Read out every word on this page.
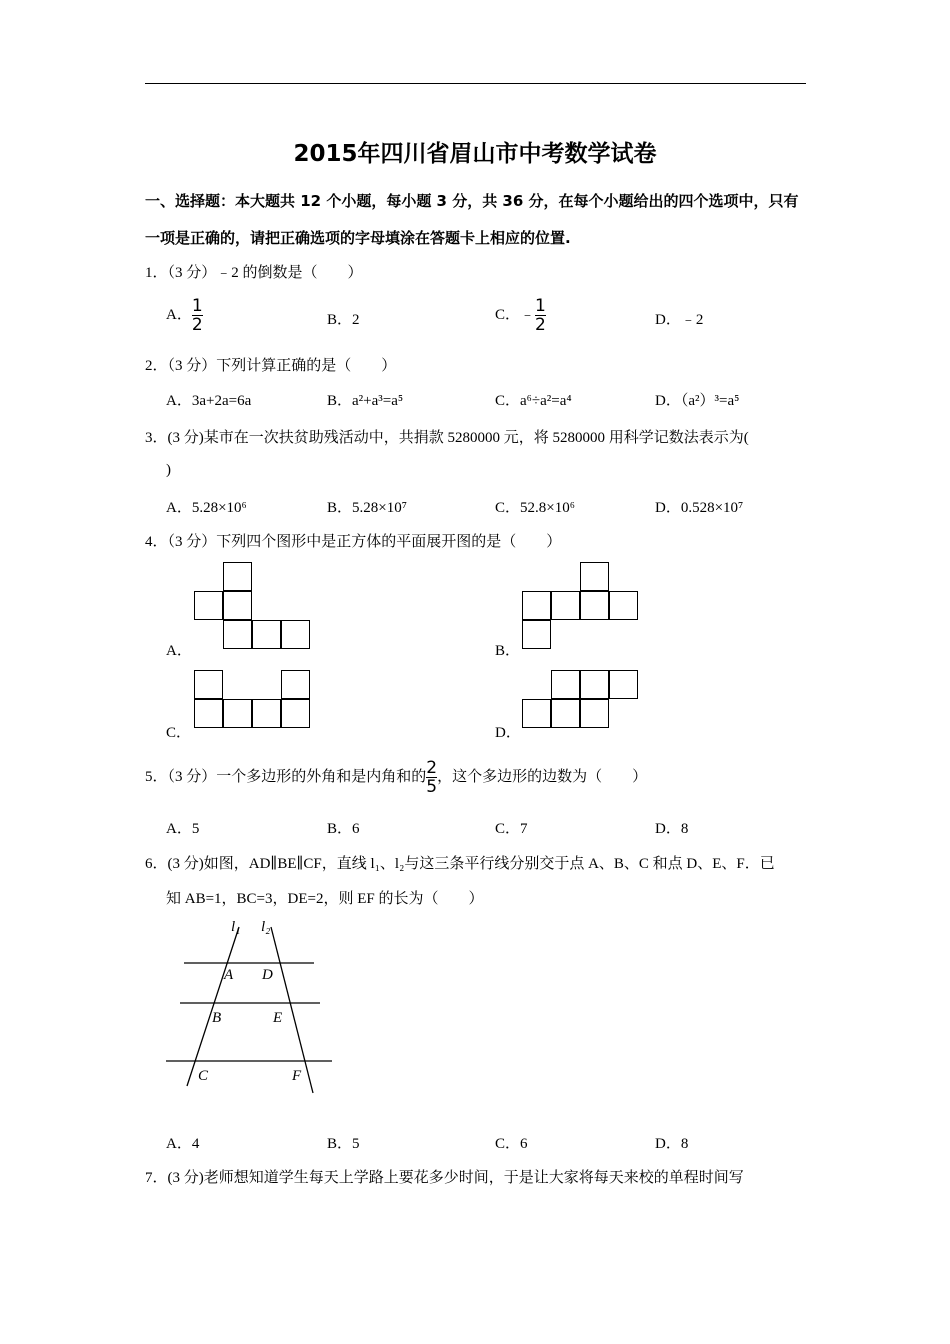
2015年四川省眉山市中考数学试卷
一、选择题：本大题共 12 个小题，每小题 3 分，共 36 分，在每个小题给出的四个选项中，只有
一项是正确的，请把正确选项的字母填涂在答题卡上相应的位置.
1．（3 分）﹣2 的倒数是（　　）
A． $\frac{1}{2}$	B．2	C．﹣ $\frac{1}{2}$	D．﹣2
2．（3 分）下列计算正确的是（　　）
A．3a+2a=6a	B．a²+a³=a⁵	C．a⁶÷a²=a⁴	D．（a²）³=a⁵
3．(3 分)某市在一次扶贫助残活动中，共捐款 5280000 元，将 5280000 用科学记数法表示为(
)
A．5.28×10⁶	B．5.28×10⁷	C．52.8×10⁶	D．0.528×10⁷
4．（3 分）下列四个图形中是正方体的平面展开图的是（　　）
A．	B．
C．	D．
5．（3 分）一个多边形的外角和是内角和的 $\frac{2}{5}$ ，这个多边形的边数为（　　）
A．5	B．6	C．7	D．8
6．(3 分)如图，AD∥BE∥CF，直线 l₁、l₂与这三条平行线分别交于点 A、B、C 和点 D、E、F．已
知 AB=1，BC=3，DE=2，则 EF 的长为（　　）
l₁ l₂
A D
B	E
C	F
A．4	B．5	C．6	D．8
7．(3 分)老师想知道学生每天上学路上要花多少时间，于是让大家将每天来校的单程时间写
